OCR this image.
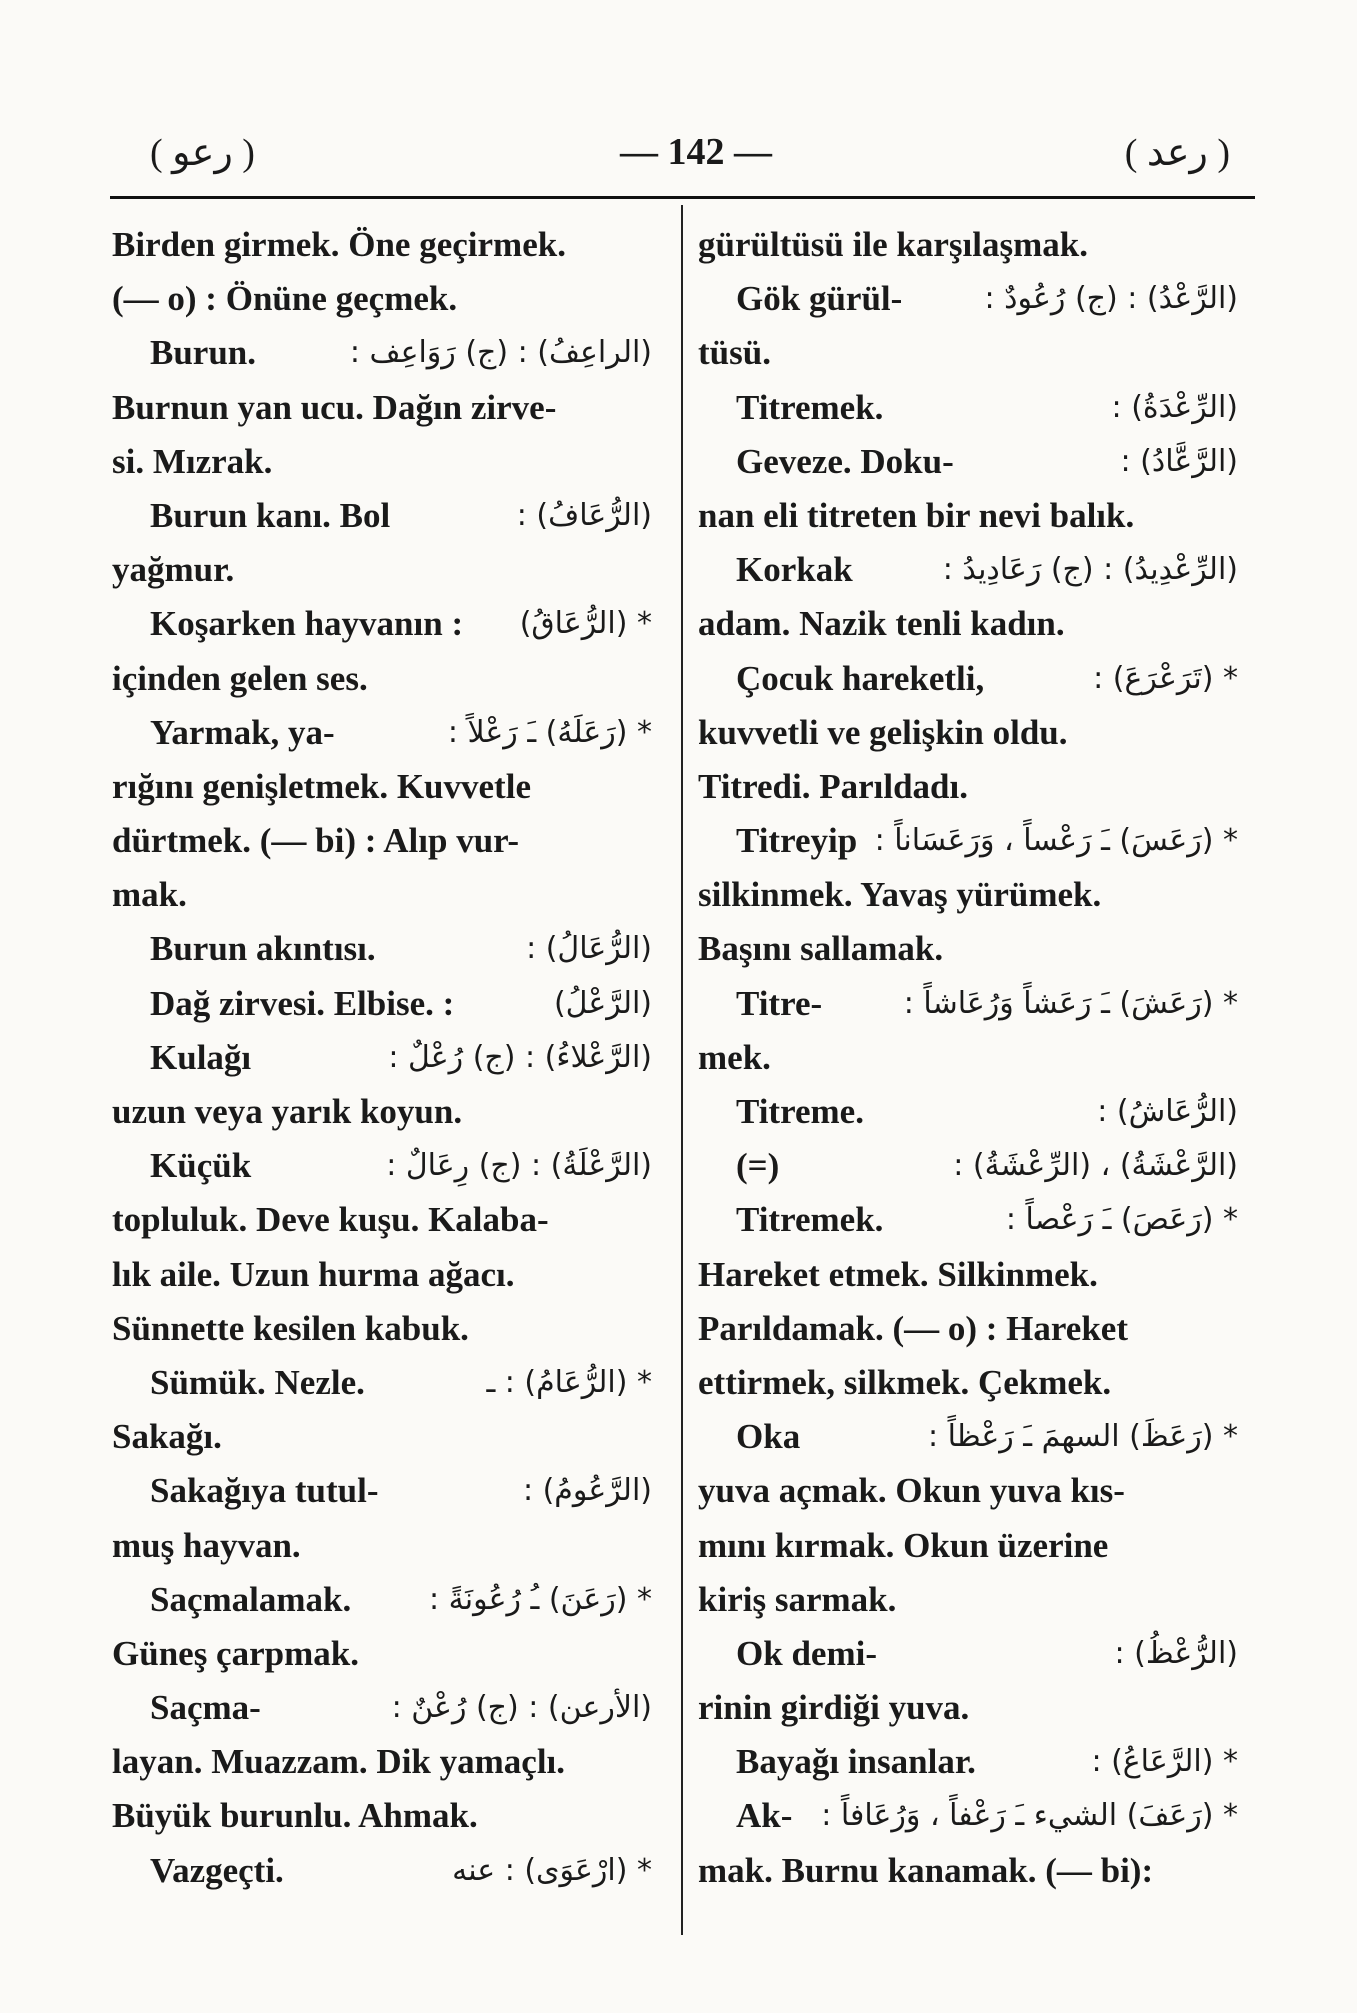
( رعو )	— 142 —	( رعد )
Birden girmek. Öne geçirmek.
(— o) : Önüne geçmek.
Burun.	(الراعِفُ) : (ج) رَوَاعِف :
Burnun yan ucu. Dağın zirve-
si. Mızrak.
Burun kanı. Bol	(الرُّعَافُ) :
yağmur.
Koşarken hayvanın : * (الرُّعَاقُ)
içinden gelen ses.
Yarmak, ya-	* (رَعَلَهُ) ـَ رَعْلاً :
rığını genişletmek. Kuvvetle
dürtmek. (— bi) : Alıp vur-
mak.
Burun akıntısı.	(الرُّعَالُ) :
Dağ zirvesi. Elbise. :	(الرَّعْلُ)
Kulağı	(الرَّعْلاءُ) : (ج) رُعْلٌ :
uzun veya yarık koyun.
Küçük	(الرَّعْلَةُ) : (ج) رِعَالٌ :
topluluk. Deve kuşu. Kalaba-
lık aile. Uzun hurma ağacı.
Sünnette kesilen kabuk.
Sümük. Nezle.	* (الرُّعَامُ) : ـ
Sakağı.
Sakağıya tutul-	(الرَّعُومُ) :
muş hayvan.
Saçmalamak.	* (رَعَنَ) ـُ رُعُونَةً :
Güneş çarpmak.
Saçma-	(الأرعن) : (ج) رُعْنٌ :
layan. Muazzam. Dik yamaçlı.
Büyük burunlu. Ahmak.
Vazgeçti.	* (ارْعَوَى) : عنه
gürültüsü ile karşılaşmak.
Gök gürül-	(الرَّعْدُ) : (ج) رُعُودٌ :
tüsü.
Titremek.	(الرِّعْدَةُ) :
Geveze. Doku-	(الرَّعَّادُ) :
nan eli titreten bir nevi balık.
Korkak	(الرِّعْدِيدُ) : (ج) رَعَادِيدُ :
adam. Nazik tenli kadın.
Çocuk hareketli,	* (تَرَعْرَعَ) :
kuvvetli ve gelişkin oldu.
Titredi. Parıldadı.
Titreyip * (رَعَسَ) ـَ رَعْساً ، وَرَعَسَاناً :
silkinmek. Yavaş yürümek.
Başını sallamak.
Titre-	* (رَعَشَ) ـَ رَعَشاً وَرُعَاشاً :
mek.
Titreme.	(الرُّعَاشُ) :
(=)	(الرَّعْشَةُ) ، (الرِّعْشَةُ) :
Titremek.	* (رَعَصَ) ـَ رَعْصاً :
Hareket etmek. Silkinmek.
Parıldamak. (— o) : Hareket
ettirmek, silkmek. Çekmek.
Oka	* (رَعَظَ) السهمَ ـَ رَعْظاً :
yuva açmak. Okun yuva kıs-
mını kırmak. Okun üzerine
kiriş sarmak.
Ok demi-	(الرُّعْظُ) :
rinin girdiği yuva.
Bayağı insanlar.	* (الرَّعَاعُ) :
Ak- * (رَعَفَ) الشيء ـَ رَعْفاً ، وَرُعَافاً :
mak. Burnu kanamak. (— bi):
